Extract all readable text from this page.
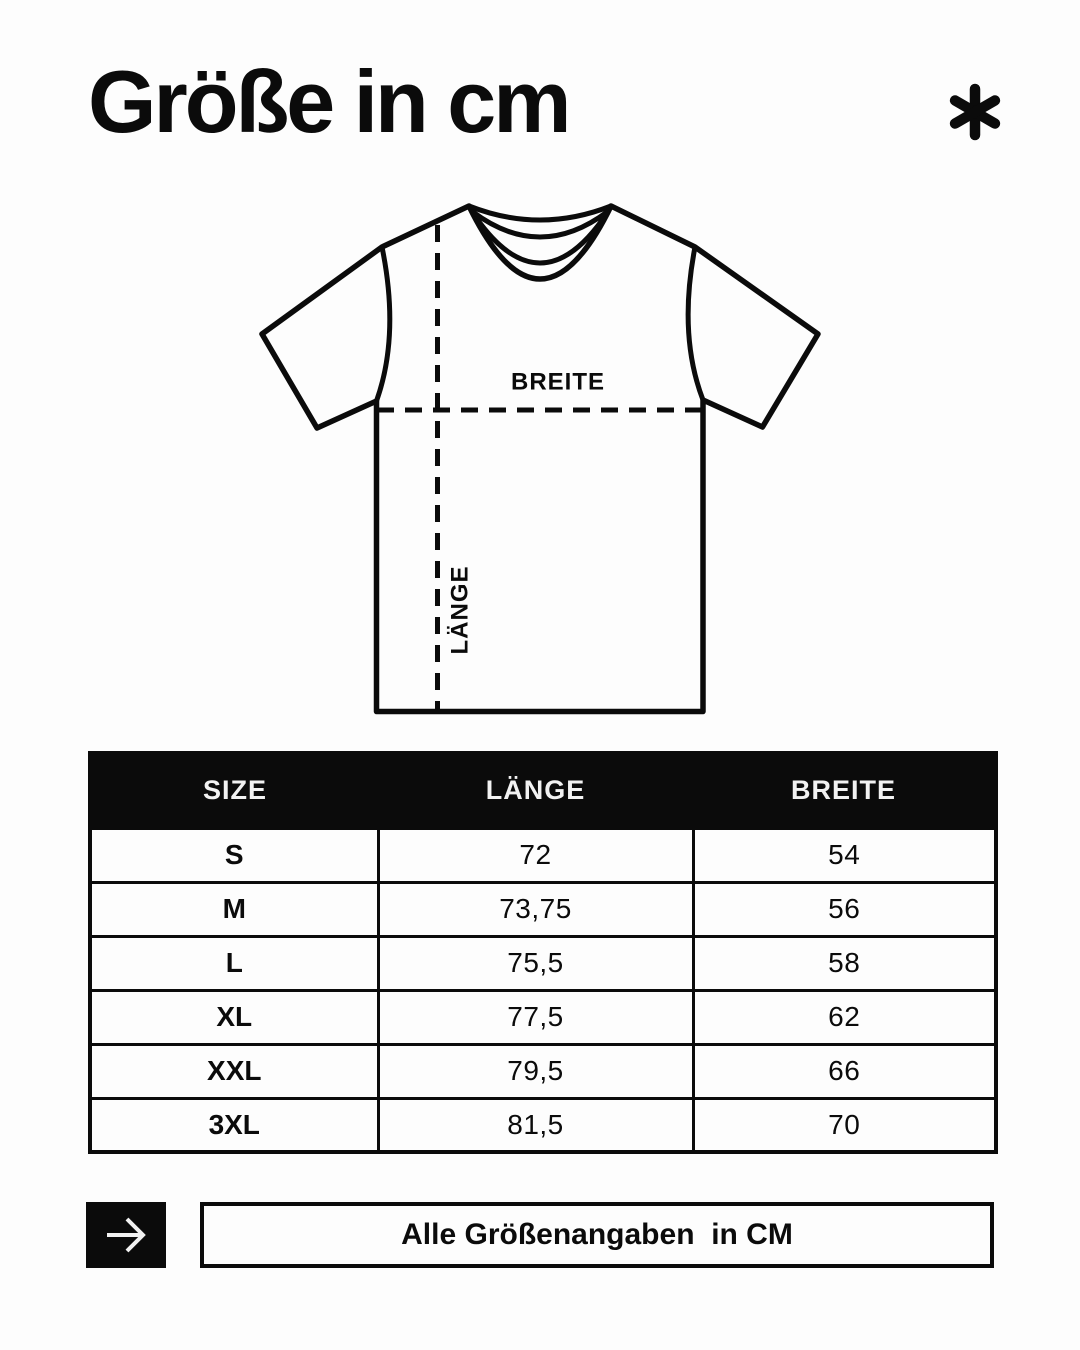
Größe in cm
BREITE
LÄNGE
SIZE	LÄNGE	BREITE
S	72	54
M	73,75	56
L	75,5	58
XL	77,5	62
XXL	79,5	66
3XL	81,5	70
Alle Größenangaben  in CM
